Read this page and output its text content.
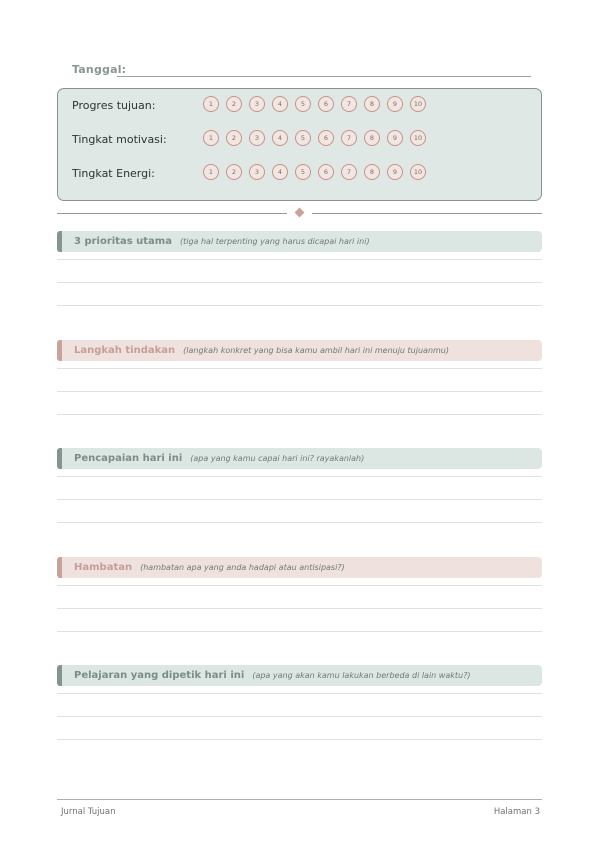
Tanggal:
Progres tujuan:	1	2	3	4	5	6	7	8	9	10
Tingkat motivasi:	1	2	3	4	5	6	7	8	9	10
Tingkat Energi:	1	2	3	4	5	6	7	8	9	10
3 prioritas utama (tiga hal terpenting yang harus dicapai hari ini)
Langkah tindakan (langkah konkret yang bisa kamu ambil hari ini menuju tujuanmu)
Pencapaian hari ini (apa yang kamu capai hari ini? rayakanlah)
Hambatan (hambatan apa yang anda hadapi atau antisipasi?)
Pelajaran yang dipetik hari ini (apa yang akan kamu lakukan berbeda di lain waktu?)
Jurnal Tujuan	Halaman 3
